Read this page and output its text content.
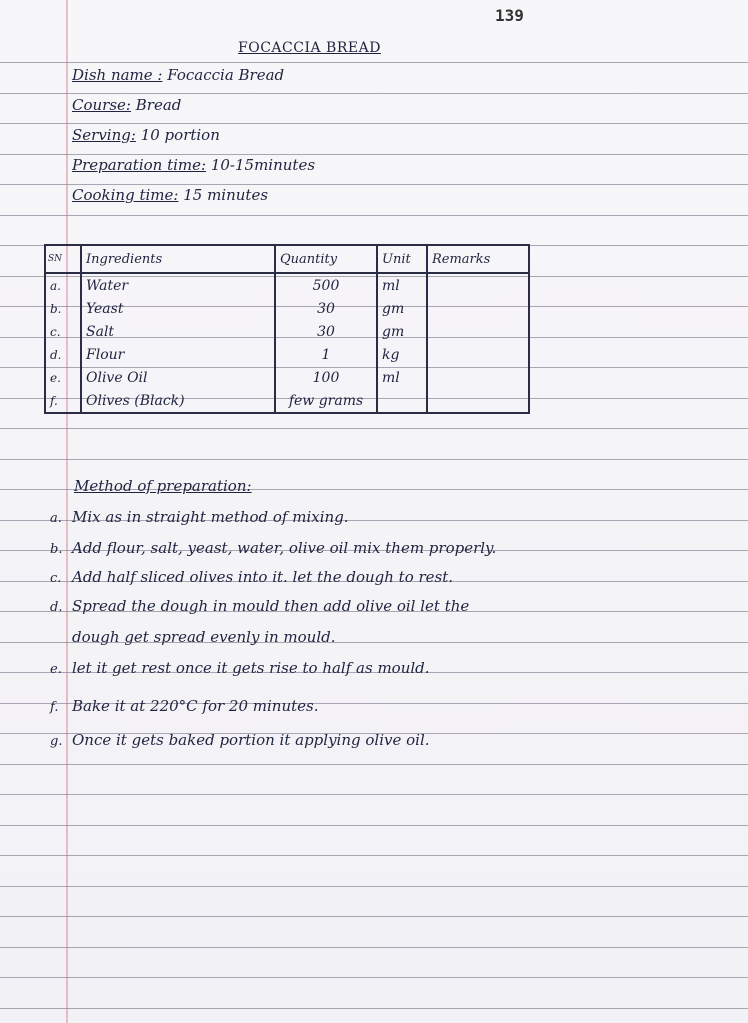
139
FOCACCIA BREAD
Dish name : Focaccia Bread
Course: Bread
Serving: 10 portion
Preparation time: 10-15minutes
Cooking time: 15 minutes
SN	Ingredients	Quantity	Unit	Remarks
a.	Water	500	ml	
b.	Yeast	30	gm	
c.	Salt	30	gm	
d.	Flour	1	kg	
e.	Olive Oil	100	ml	
f.	Olives (Black)	few grams		
Method of preparation:
a. Mix as in straight method of mixing.
b. Add flour, salt, yeast, water, olive oil mix them properly.
c. Add half sliced olives into it. let the dough to rest.
d. Spread the dough in mould then add olive oil let the
dough get spread evenly in mould.
e. let it get rest once it gets rise to half as mould.
f. Bake it at 220°C for 20 minutes.
g. Once it gets baked portion it applying olive oil.
